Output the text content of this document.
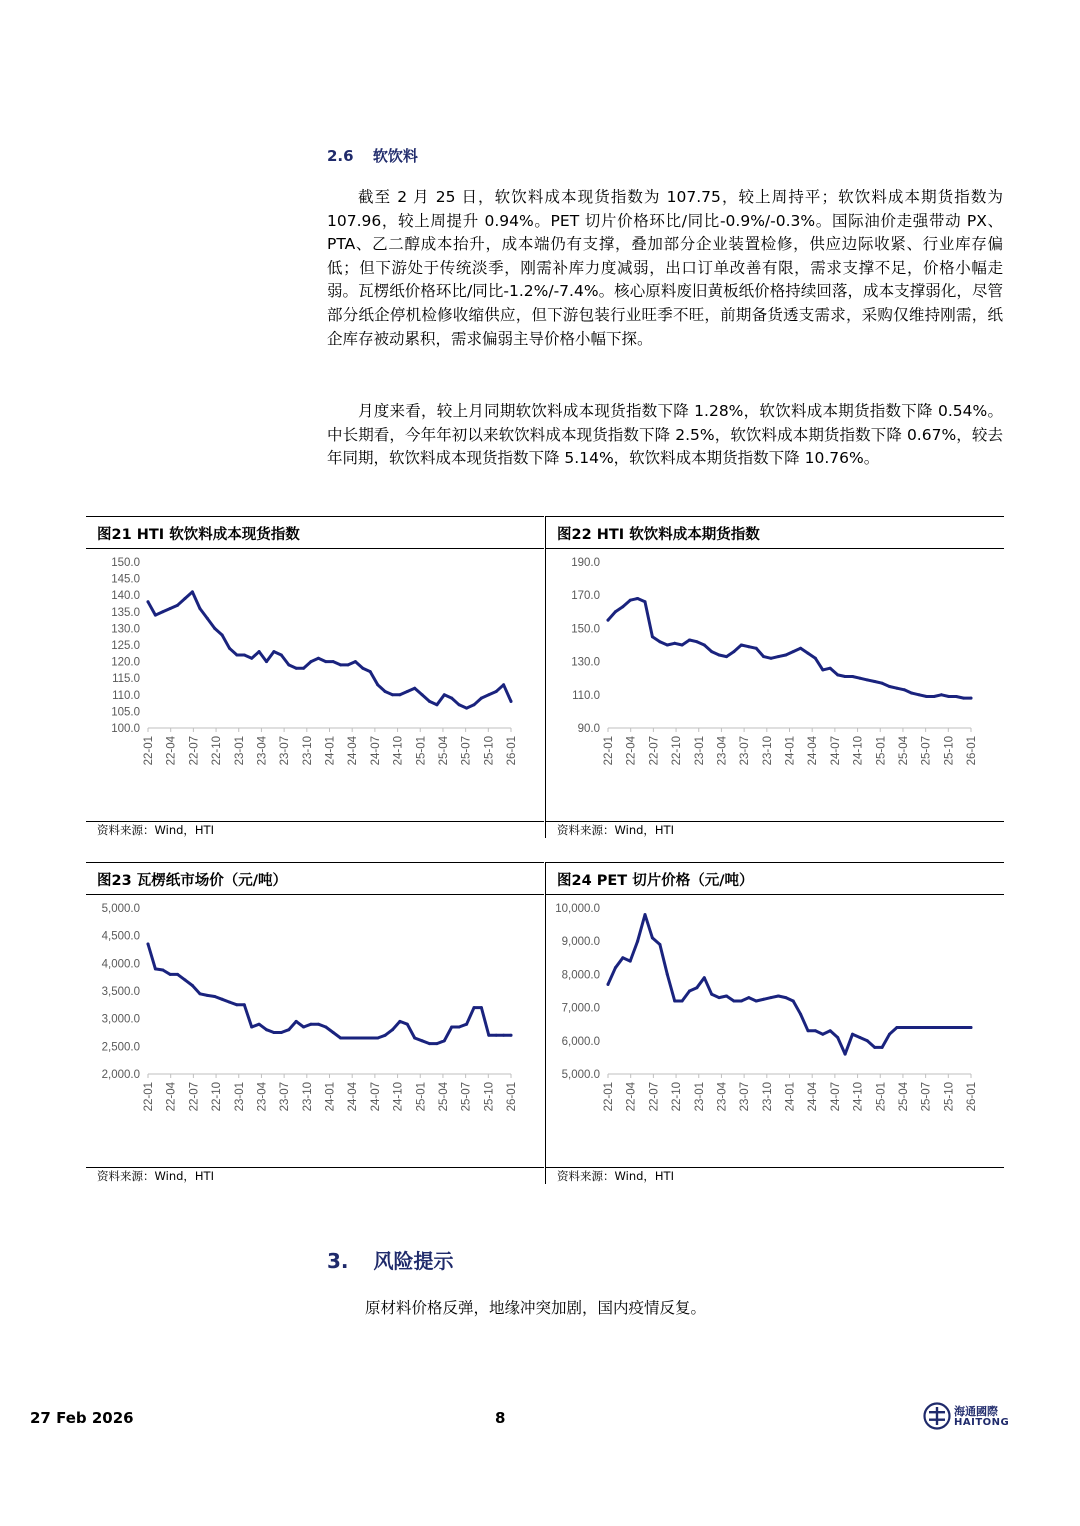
2.6 软饮料
截至 2 月 25 日，软饮料成本现货指数为 107.75，较上周持平；软饮料成本期货指数为 107.96，较上周提升 0.94%。PET 切片价格环比/同比-0.9%/-0.3%。国际油价走强带动 PX、PTA、乙二醇成本抬升，成本端仍有支撑，叠加部分企业装置检修，供应边际收紧、行业库存偏低；但下游处于传统淡季，刚需补库力度减弱，出口订单改善有限，需求支撑不足，价格小幅走弱。瓦楞纸价格环比/同比-1.2%/-7.4%。核心原料废旧黄板纸价格持续回落，成本支撑弱化，尽管部分纸企停机检修收缩供应，但下游包装行业旺季不旺，前期备货透支需求，采购仅维持刚需，纸企库存被动累积，需求偏弱主导价格小幅下探。
月度来看，较上月同期软饮料成本现货指数下降 1.28%，软饮料成本期货指数下降 0.54%。中长期看，今年年初以来软饮料成本现货指数下降 2.5%，软饮料成本期货指数下降 0.67%，较去年同期，软饮料成本现货指数下降 5.14%，软饮料成本期货指数下降 10.76%。
图21 HTI 软饮料成本现货指数
150.0
145.0
140.0
135.0
130.0
125.0
120.0
115.0
110.0
105.0
100.0
22-01 22-04 22-07 22-10 23-01 23-04 23-07 23-10 24-01 24-04 24-07 24-10 25-01 25-04 25-07 25-10 26-01
资料来源：Wind，HTI
图22 HTI 软饮料成本期货指数
190.0
170.0
150.0
130.0
110.0
90.0
22-01 22-04 22-07 22-10 23-01 23-04 23-07 23-10 24-01 24-04 24-07 24-10 25-01 25-04 25-07 25-10 26-01
资料来源：Wind，HTI
图23 瓦楞纸市场价（元/吨）
5,000.0
4,500.0
4,000.0
3,500.0
3,000.0
2,500.0
2,000.0
22-01 22-04 22-07 22-10 23-01 23-04 23-07 23-10 24-01 24-04 24-07 24-10 25-01 25-04 25-07 25-10 26-01
资料来源：Wind，HTI
图24 PET 切片价格（元/吨）
10,000.0
9,000.0
8,000.0
7,000.0
6,000.0
5,000.0
22-01 22-04 22-07 22-10 23-01 23-04 23-07 23-10 24-01 24-04 24-07 24-10 25-01 25-04 25-07 25-10 26-01
资料来源：Wind，HTI
3. 风险提示
原材料价格反弹，地缘冲突加剧，国内疫情反复。
27 Feb 2026	8	海通國際
HAITONG
